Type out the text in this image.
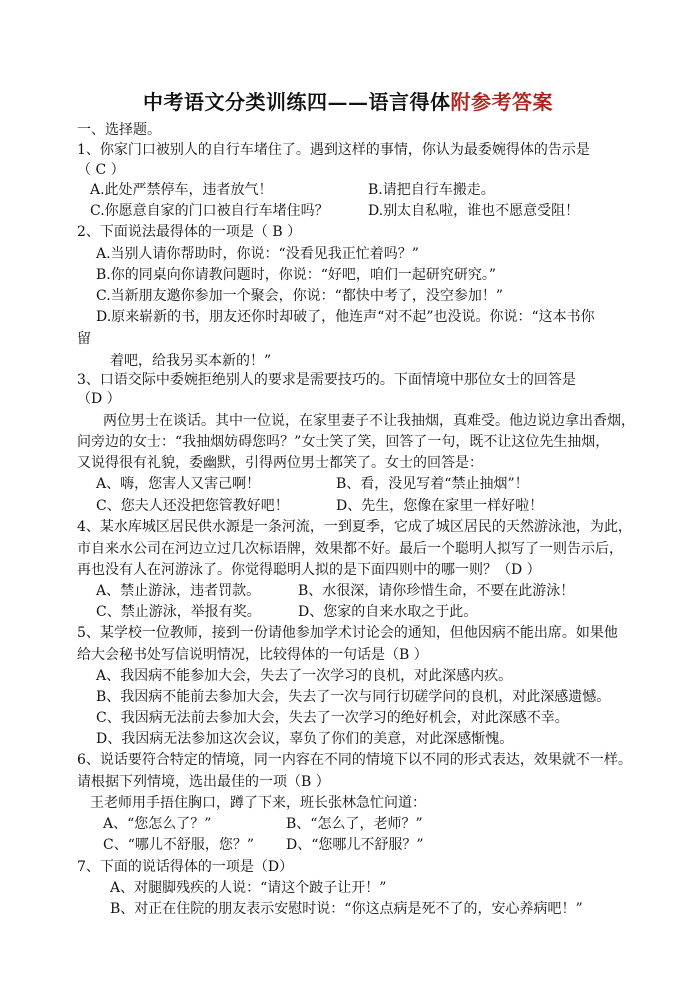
中考语文分类训练四——语言得体附参考答案
一、选择题。
1、你家门口被别人的自行车堵住了。遇到这样的事情，你认为最委婉得体的告示是
（ C ）
A.此处严禁停车，违者放气！	B.请把自行车搬走。
C.你愿意自家的门口被自行车堵住吗？	D.别太自私啦，谁也不愿意受阻！
2、下面说法最得体的一项是（ B ）
A.当别人请你帮助时，你说：“没看见我正忙着吗？”
B.你的同桌向你请教问题时，你说：“好吧，咱们一起研究研究。”
C.当新朋友邀你参加一个聚会，你说：“都快中考了，没空参加！”
D.原来崭新的书，朋友还你时却破了，他连声“对不起”也没说。你说：“这本书你
留
着吧，给我另买本新的！”
3、口语交际中委婉拒绝别人的要求是需要技巧的。下面情境中那位女士的回答是
（D ）
两位男士在谈话。其中一位说，在家里妻子不让我抽烟，真难受。他边说边拿出香烟，
问旁边的女士：“我抽烟妨碍您吗？”女士笑了笑，回答了一句，既不让这位先生抽烟，
又说得很有礼貌，委幽默，引得两位男士都笑了。女士的回答是：
A、嗨，您害人又害己啊！	B、看，没见写着“禁止抽烟”！
C、您夫人还没把您管教好吧！	D、先生，您像在家里一样好啦！
4、某水库城区居民供水源是一条河流，一到夏季，它成了城区居民的天然游泳池，为此，
市自来水公司在河边立过几次标语牌，效果都不好。最后一个聪明人拟写了一则告示后，
再也没有人在河游泳了。你觉得聪明人拟的是下面四则中的哪一则？（D ）
A、禁止游泳，违者罚款。	B、水很深，请你珍惜生命，不要在此游泳！
C、禁止游泳，举报有奖。	D、您家的自来水取之于此。
5、某学校一位教师，接到一份请他参加学术讨论会的通知，但他因病不能出席。如果他
给大会秘书处写信说明情况，比较得体的一句话是（B ）
A、我因病不能参加大会，失去了一次学习的良机，对此深感内疚。
B、我因病不能前去参加大会，失去了一次与同行切磋学问的良机，对此深感遗憾。
C、我因病无法前去参加大会，失去了一次学习的绝好机会，对此深感不幸。
D、我因病无法参加这次会议，辜负了你们的美意，对此深感惭愧。
6、说话要符合特定的情境，同一内容在不同的情境下以不同的形式表达，效果就不一样。
请根据下列情境，选出最佳的一项（B ）
王老师用手捂住胸口，蹲了下来，班长张林急忙问道：
A、“您怎么了？”	B、“怎么了，老师？”
C、“哪儿不舒服，您？” D、“您哪儿不舒服？”
7、下面的说话得体的一项是（D）
A、对腿脚残疾的人说：“请这个跛子让开！”
B、对正在住院的朋友表示安慰时说：“你这点病是死不了的，安心养病吧！”
